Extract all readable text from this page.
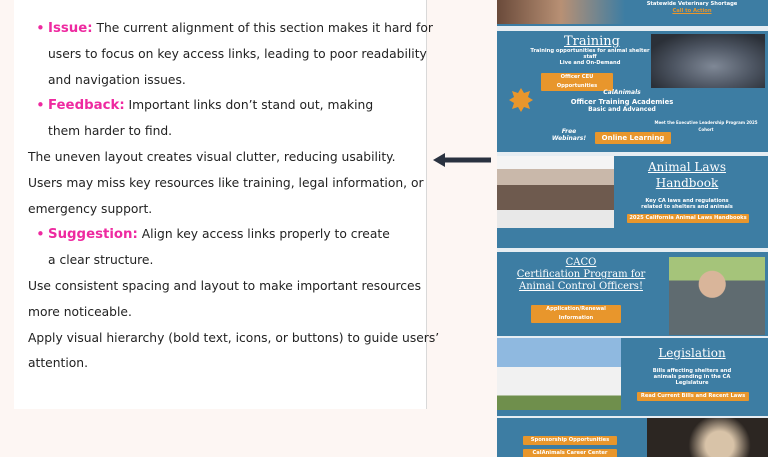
• Issue: The current alignment of this section makes it hard for
users to focus on key access links, leading to poor readability
and navigation issues.
• Feedback: Important links don’t stand out, making
them harder to find.
The uneven layout creates visual clutter, reducing usability.
Users may miss key resources like training, legal information, or
emergency support.
• Suggestion: Align key access links properly to create
a clear structure.
Use consistent spacing and layout to make important resources
more noticeable.
Apply visual hierarchy (bold text, icons, or buttons) to guide users’
attention.
Statewide Veterinary Shortage
Call to Action
Training
Training opportunities for animal shelter
staff
Live and On-Demand
Officer CEU Opportunities
CalAnimals
Officer Training Academies
Basic and Advanced
Free
Webinars!	Online Learning
Meet the Executive Leadership Program 2025 Cohort
Animal Laws
Handbook
Key CA laws and regulations
related to shelters and animals
2025 California Animal Laws Handbooks
CACO
Certification Program for
Animal Control Officers!
Application/Renewal Information
Legislation
Bills affecting shelters and
animals pending in the CA
Legislature
Read Current Bills and Recent Laws
Sponsorship Opportunities
CalAnimals Career Center
